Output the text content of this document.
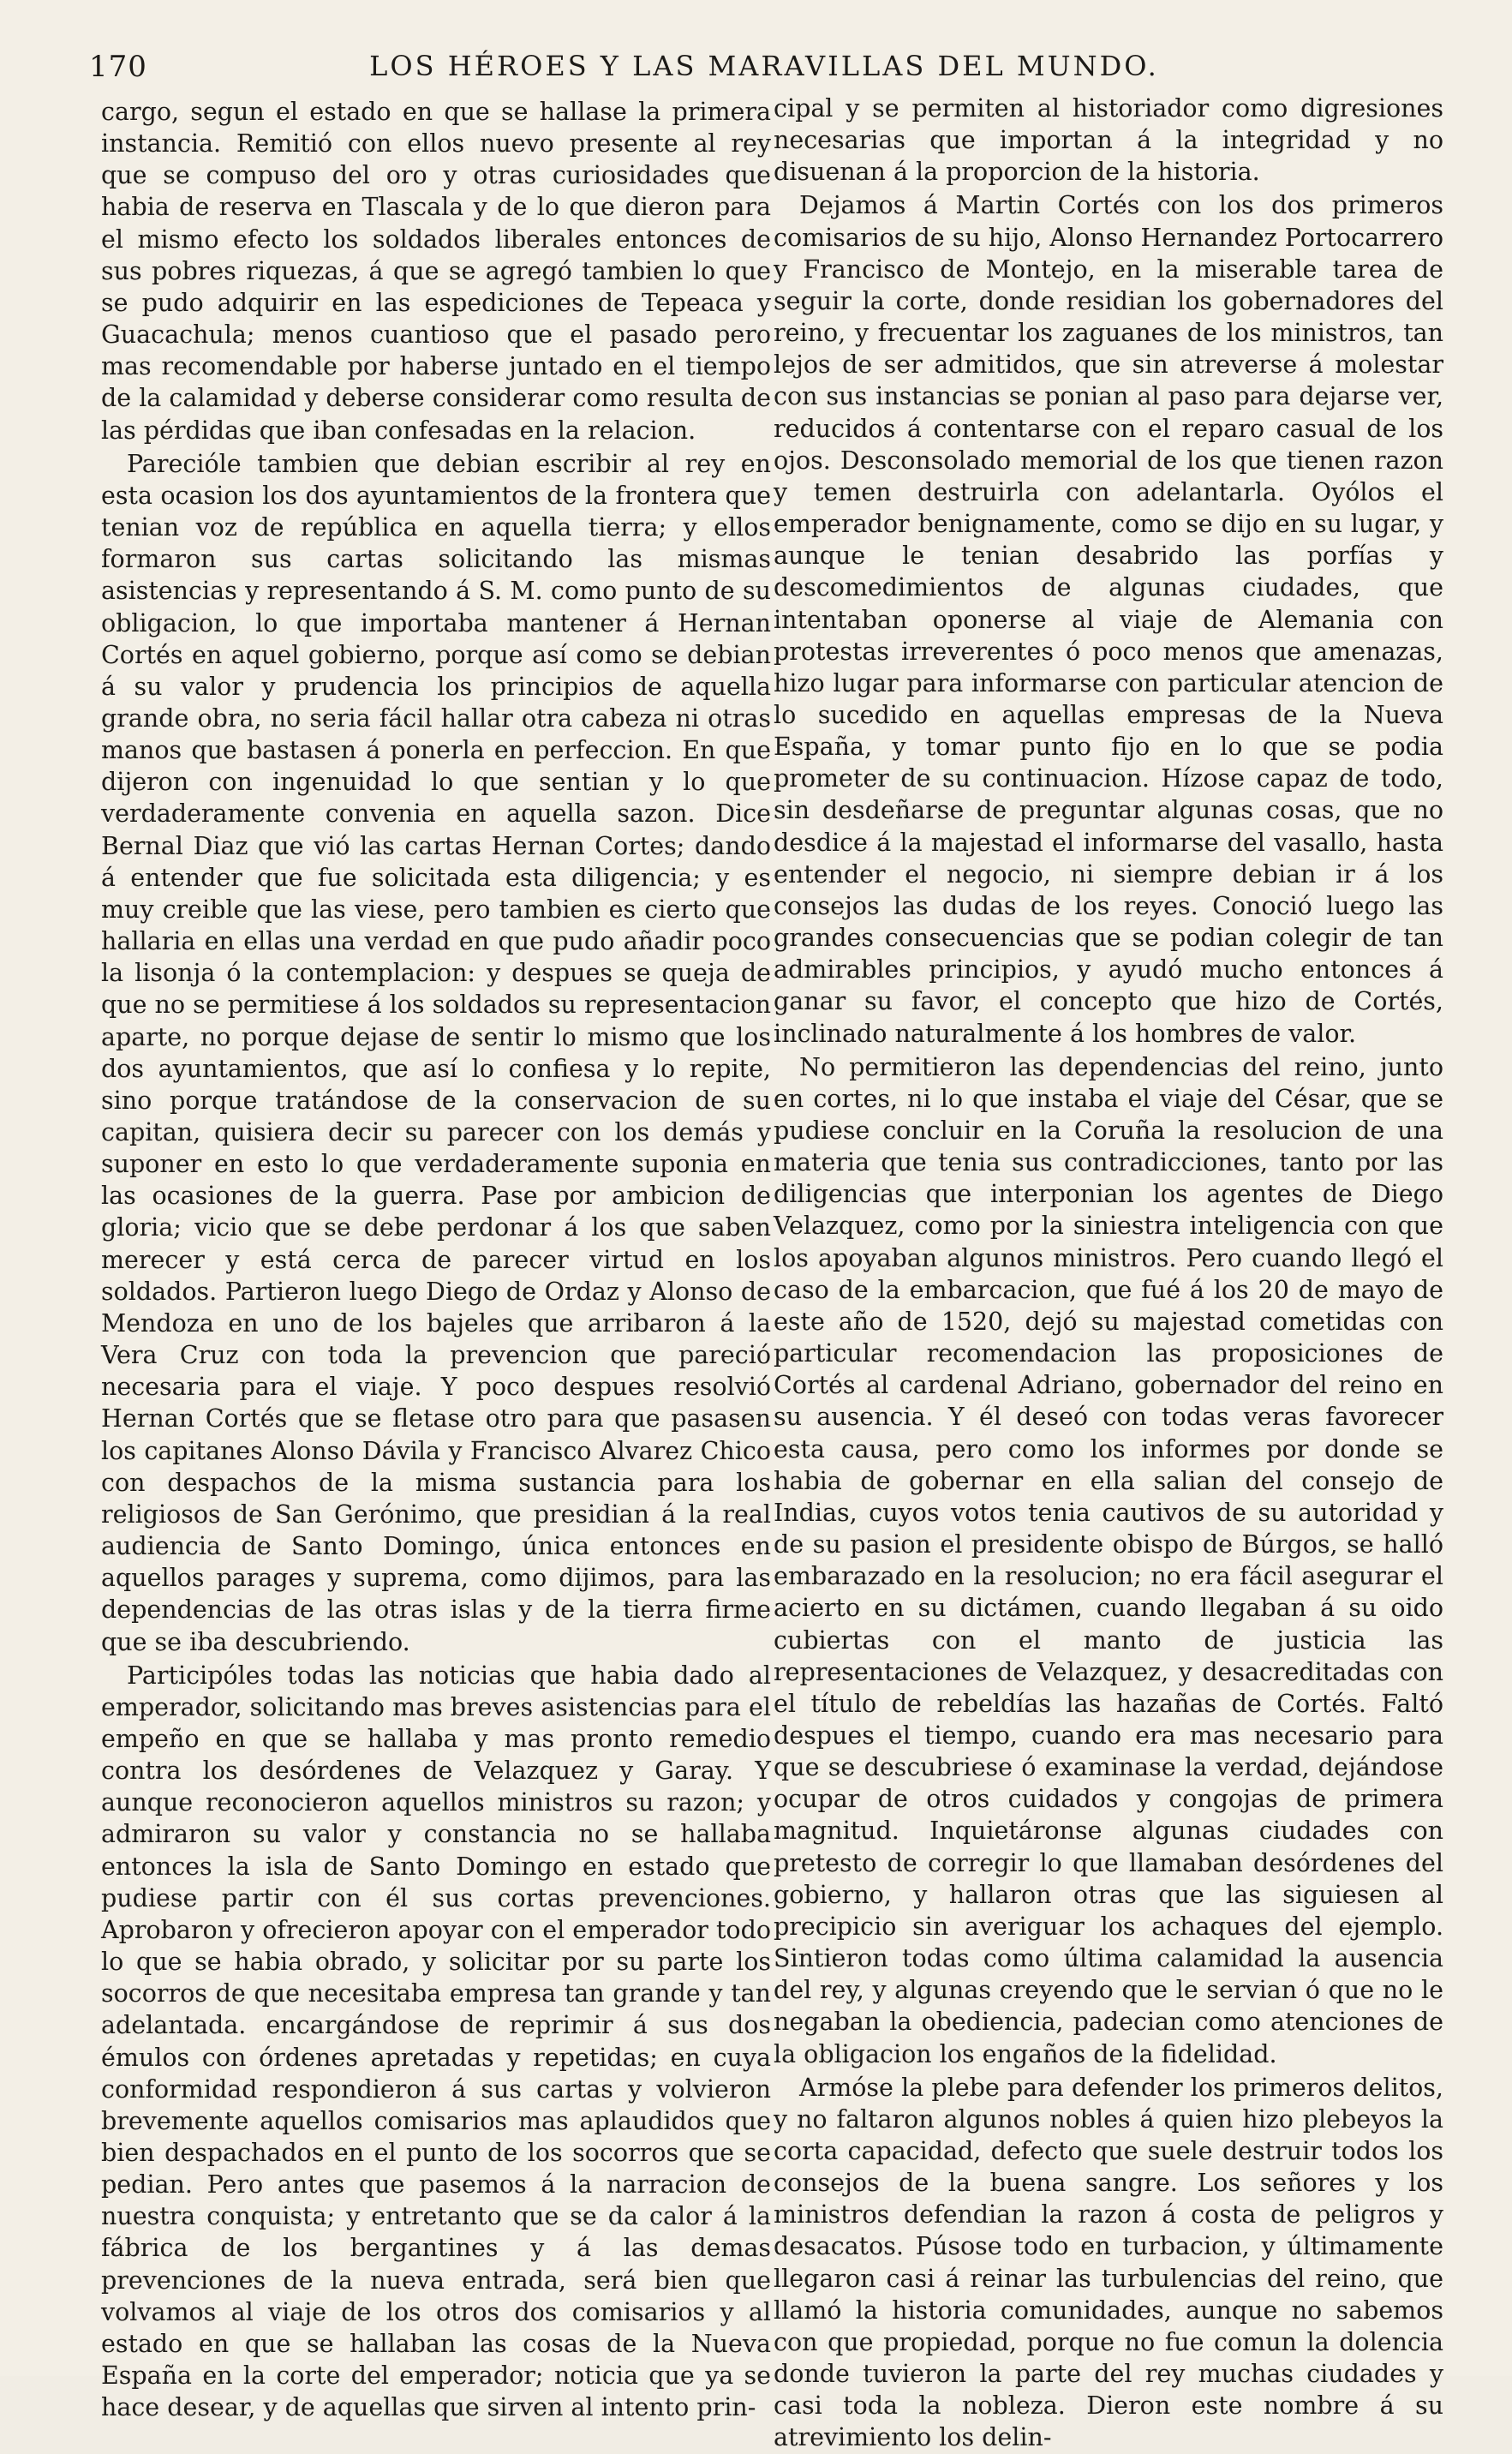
170	LOS HÉROES Y LAS MARAVILLAS DEL MUNDO.

cargo, segun el estado en que se hallase la primera instancia. Remitió con ellos nuevo presente al rey que se compuso del oro y otras curiosidades que habia de reserva en Tlascala y de lo que dieron para el mismo efecto los soldados liberales entonces de sus pobres riquezas, á que se agregó tambien lo que se pudo adquirir en las espediciones de Tepeaca y Guacachula; menos cuantioso que el pasado pero mas recomendable por haberse juntado en el tiempo de la calamidad y deberse considerar como resulta de las pérdidas que iban confesadas en la relacion.

Parecióle tambien que debian escribir al rey en esta ocasion los dos ayuntamientos de la frontera que tenian voz de república en aquella tierra; y ellos formaron sus cartas solicitando las mismas asistencias y representando á S. M. como punto de su obligacion, lo que importaba mantener á Hernan Cortés en aquel gobierno, porque así como se debian á su valor y prudencia los principios de aquella grande obra, no seria fácil hallar otra cabeza ni otras manos que bastasen á ponerla en perfeccion. En que dijeron con ingenuidad lo que sentian y lo que verdaderamente convenia en aquella sazon. Dice Bernal Diaz que vió las cartas Hernan Cortes; dando á entender que fue solicitada esta diligencia; y es muy creible que las viese, pero tambien es cierto que hallaria en ellas una verdad en que pudo añadir poco la lisonja ó la contemplacion: y despues se queja de que no se permitiese á los soldados su representacion aparte, no porque dejase de sentir lo mismo que los dos ayuntamientos, que así lo confiesa y lo repite, sino porque tratándose de la conservacion de su capitan, quisiera decir su parecer con los demás y suponer en esto lo que verdaderamente suponia en las ocasiones de la guerra. Pase por ambicion de gloria; vicio que se debe perdonar á los que saben merecer y está cerca de parecer virtud en los soldados. Partieron luego Diego de Ordaz y Alonso de Mendoza en uno de los bajeles que arribaron á la Vera Cruz con toda la prevencion que pareció necesaria para el viaje. Y poco despues resolvió Hernan Cortés que se fletase otro para que pasasen los capitanes Alonso Dávila y Francisco Alvarez Chico con despachos de la misma sustancia para los religiosos de San Gerónimo, que presidian á la real audiencia de Santo Domingo, única entonces en aquellos parages y suprema, como dijimos, para las dependencias de las otras islas y de la tierra firme que se iba descubriendo.

Participóles todas las noticias que habia dado al emperador, solicitando mas breves asistencias para el empeño en que se hallaba y mas pronto remedio contra los desórdenes de Velazquez y Garay. Y aunque reconocieron aquellos ministros su razon; y admiraron su valor y constancia no se hallaba entonces la isla de Santo Domingo en estado que pudiese partir con él sus cortas prevenciones. Aprobaron y ofrecieron apoyar con el emperador todo lo que se habia obrado, y solicitar por su parte los socorros de que necesitaba empresa tan grande y tan adelantada. encargándose de reprimir á sus dos émulos con órdenes apretadas y repetidas; en cuya conformidad respondieron á sus cartas y volvieron brevemente aquellos comisarios mas aplaudidos que bien despachados en el punto de los socorros que se pedian. Pero antes que pasemos á la narracion de nuestra conquista; y entretanto que se da calor á la fábrica de los bergantines y á las demas prevenciones de la nueva entrada, será bien que volvamos al viaje de los otros dos comisarios y al estado en que se hallaban las cosas de la Nueva España en la corte del emperador; noticia que ya se hace desear, y de aquellas que sirven al intento prin-

cipal y se permiten al historiador como digresiones necesarias que importan á la integridad y no disuenan á la proporcion de la historia.

Dejamos á Martin Cortés con los dos primeros comisarios de su hijo, Alonso Hernandez Portocarrero y Francisco de Montejo, en la miserable tarea de seguir la corte, donde residian los gobernadores del reino, y frecuentar los zaguanes de los ministros, tan lejos de ser admitidos, que sin atreverse á molestar con sus instancias se ponian al paso para dejarse ver, reducidos á contentarse con el reparo casual de los ojos. Desconsolado memorial de los que tienen razon y temen destruirla con adelantarla. Oyólos el emperador benignamente, como se dijo en su lugar, y aunque le tenian desabrido las porfías y descomedimientos de algunas ciudades, que intentaban oponerse al viaje de Alemania con protestas irreverentes ó poco menos que amenazas, hizo lugar para informarse con particular atencion de lo sucedido en aquellas empresas de la Nueva España, y tomar punto fijo en lo que se podia prometer de su continuacion. Hízose capaz de todo, sin desdeñarse de preguntar algunas cosas, que no desdice á la majestad el informarse del vasallo, hasta entender el negocio, ni siempre debian ir á los consejos las dudas de los reyes. Conoció luego las grandes consecuencias que se podian colegir de tan admirables principios, y ayudó mucho entonces á ganar su favor, el concepto que hizo de Cortés, inclinado naturalmente á los hombres de valor.

No permitieron las dependencias del reino, junto en cortes, ni lo que instaba el viaje del César, que se pudiese concluir en la Coruña la resolucion de una materia que tenia sus contradicciones, tanto por las diligencias que interponian los agentes de Diego Velazquez, como por la siniestra inteligencia con que los apoyaban algunos ministros. Pero cuando llegó el caso de la embarcacion, que fué á los 20 de mayo de este año de 1520, dejó su majestad cometidas con particular recomendacion las proposiciones de Cortés al cardenal Adriano, gobernador del reino en su ausencia. Y él deseó con todas veras favorecer esta causa, pero como los informes por donde se habia de gobernar en ella salian del consejo de Indias, cuyos votos tenia cautivos de su autoridad y de su pasion el presidente obispo de Búrgos, se halló embarazado en la resolucion; no era fácil asegurar el acierto en su dictámen, cuando llegaban á su oido cubiertas con el manto de justicia las representaciones de Velazquez, y desacreditadas con el título de rebeldías las hazañas de Cortés. Faltó despues el tiempo, cuando era mas necesario para que se descubriese ó examinase la verdad, dejándose ocupar de otros cuidados y congojas de primera magnitud. Inquietáronse algunas ciudades con pretesto de corregir lo que llamaban desórdenes del gobierno, y hallaron otras que las siguiesen al precipicio sin averiguar los achaques del ejemplo. Sintieron todas como última calamidad la ausencia del rey, y algunas creyendo que le servian ó que no le negaban la obediencia, padecian como atenciones de la obligacion los engaños de la fidelidad.

Armóse la plebe para defender los primeros delitos, y no faltaron algunos nobles á quien hizo plebeyos la corta capacidad, defecto que suele destruir todos los consejos de la buena sangre. Los señores y los ministros defendian la razon á costa de peligros y desacatos. Púsose todo en turbacion, y últimamente llegaron casi á reinar las turbulencias del reino, que llamó la historia comunidades, aunque no sabemos con que propiedad, porque no fue comun la dolencia donde tuvieron la parte del rey muchas ciudades y casi toda la nobleza. Dieron este nombre á su atrevimiento los delin-
